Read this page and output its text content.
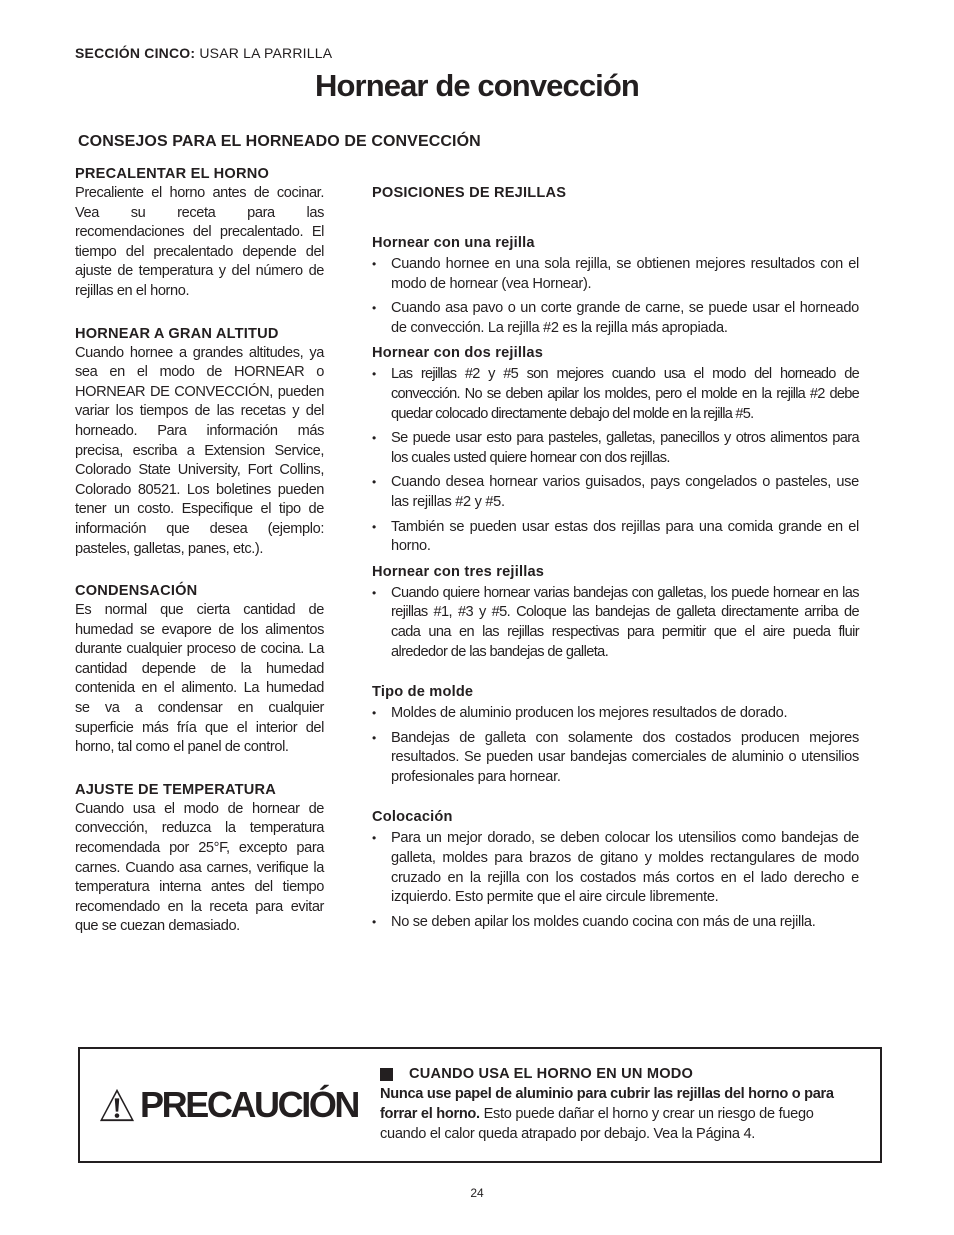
SECCIÓN CINCO: USAR LA PARRILLA
Hornear de convección
CONSEJOS PARA EL HORNEADO DE CONVECCIÓN
PRECALENTAR EL HORNO

Precaliente el horno antes de cocinar. Vea su receta para las recomendaciones del precalentado. El tiempo del precalentado depende del ajuste de temperatura y del número de rejillas en el horno.

HORNEAR A GRAN ALTITUD

Cuando hornee a grandes altitudes, ya sea en el modo de HORNEAR o HORNEAR DE CONVECCIÓN, pueden variar los tiempos de las recetas y del horneado. Para información más precisa, escriba a Extension Service, Colorado State University, Fort Collins, Colorado 80521. Los boletines pueden tener un costo. Especifique el tipo de información que desea (ejemplo: pasteles, galletas, panes, etc.).

CONDENSACIÓN

Es normal que cierta cantidad de humedad se evapore de los alimentos durante cualquier proceso de cocina. La cantidad depende de la humedad contenida en el alimento. La humedad se va a condensar en cualquier superficie más fría que el interior del horno, tal como el panel de control.

AJUSTE DE TEMPERATURA

Cuando usa el modo de hornear de convección, reduzca la temperatura recomendada por 25°F, excepto para carnes. Cuando asa carnes, verifique la temperatura interna antes del tiempo recomendado en la receta para evitar que se cuezan demasiado.

POSICIONES DE REJILLAS
Hornear con una rejilla
• Cuando hornee en una sola rejilla, se obtienen mejores resultados con el modo de hornear (vea Hornear).
• Cuando asa pavo o un corte grande de carne, se puede usar el horneado de convección. La rejilla #2 es la rejilla más apropiada.
Hornear con dos rejillas
• Las rejillas #2 y #5 son mejores cuando usa el modo del horneado de convección. No se deben apilar los moldes, pero el molde en la rejilla #2 debe quedar colocado directamente debajo del molde en la rejilla #5.
• Se puede usar esto para pasteles, galletas, panecillos y otros alimentos para los cuales usted quiere hornear con dos rejillas.
• Cuando desea hornear varios guisados, pays congelados o pasteles, use las rejillas #2 y #5.
• También se pueden usar estas dos rejillas para una comida grande en el horno.
Hornear con tres rejillas
• Cuando quiere hornear varias bandejas con galletas, los puede hornear en las rejillas #1, #3 y #5. Coloque las bandejas de galleta directamente arriba de cada una en las rejillas respectivas para permitir que el aire pueda fluir alrededor de las bandejas de galleta.
Tipo de molde
• Moldes de aluminio producen los mejores resultados de dorado.
• Bandejas de galleta con solamente dos costados producen mejores resultados. Se pueden usar bandejas comerciales de aluminio o utensilios profesionales para hornear.
Colocación
• Para un mejor dorado, se deben colocar los utensilios como bandejas de galleta, moldes para brazos de gitano y moldes rectangulares de modo cruzado en la rejilla con los costados más cortos en el lado derecho e izquierdo. Esto permite que el aire circule libremente.
• No se deben apilar los moldes cuando cocina con más de una rejilla.
PRECAUCIÓN
CUANDO USA EL HORNO EN UN MODO
Nunca use papel de aluminio para cubrir las rejillas del horno o para forrar el horno. Esto puede dañar el horno y crear un riesgo de fuego cuando el calor queda atrapado por debajo. Vea la Página 4.
24
